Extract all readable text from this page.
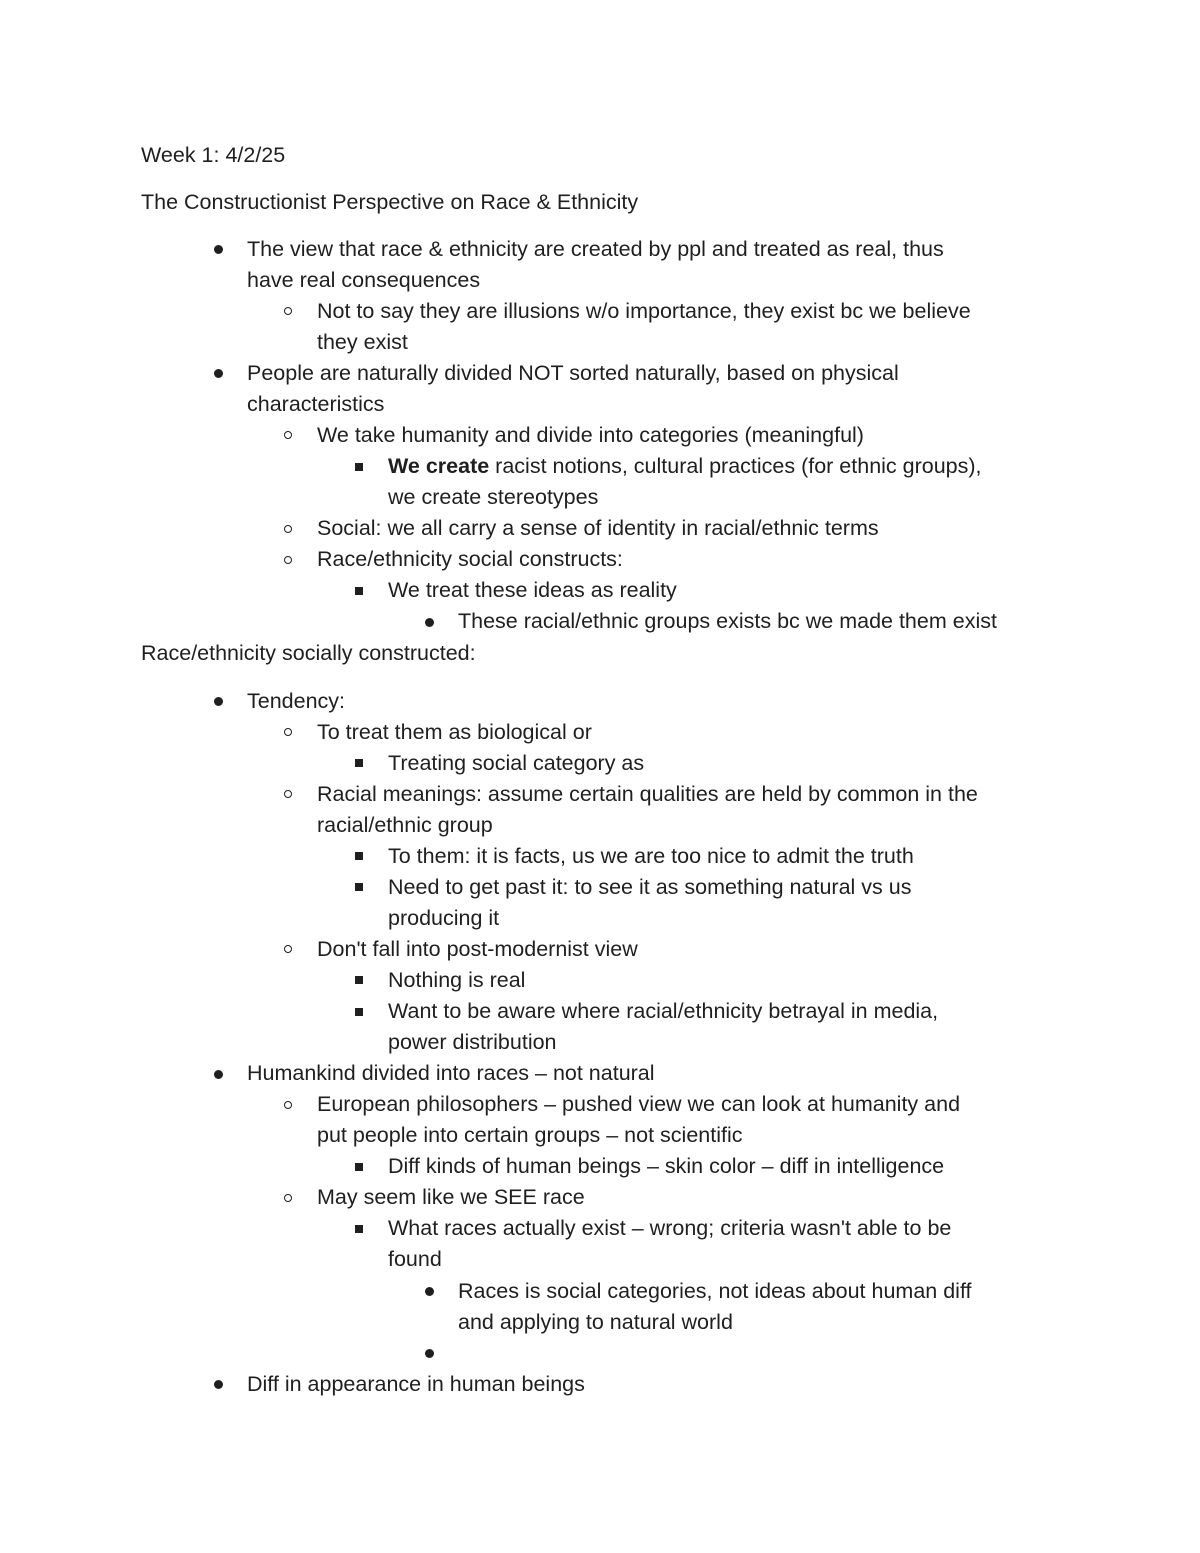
Week 1: 4/2/25
The Constructionist Perspective on Race & Ethnicity
The view that race & ethnicity are created by ppl and treated as real, thus
have real consequences
Not to say they are illusions w/o importance, they exist bc we believe
they exist
People are naturally divided NOT sorted naturally, based on physical
characteristics
We take humanity and divide into categories (meaningful)
We create racist notions, cultural practices (for ethnic groups),
we create stereotypes
Social: we all carry a sense of identity in racial/ethnic terms
Race/ethnicity social constructs:
We treat these ideas as reality
These racial/ethnic groups exists bc we made them exist
Race/ethnicity socially constructed:
Tendency:
To treat them as biological or
Treating social category as
Racial meanings: assume certain qualities are held by common in the
racial/ethnic group
To them: it is facts, us we are too nice to admit the truth
Need to get past it: to see it as something natural vs us
producing it
Don't fall into post-modernist view
Nothing is real
Want to be aware where racial/ethnicity betrayal in media,
power distribution
Humankind divided into races – not natural
European philosophers – pushed view we can look at humanity and
put people into certain groups – not scientific
Diff kinds of human beings – skin color – diff in intelligence
May seem like we SEE race
What races actually exist – wrong; criteria wasn't able to be
found
Races is social categories, not ideas about human diff
and applying to natural world
Diff in appearance in human beings
